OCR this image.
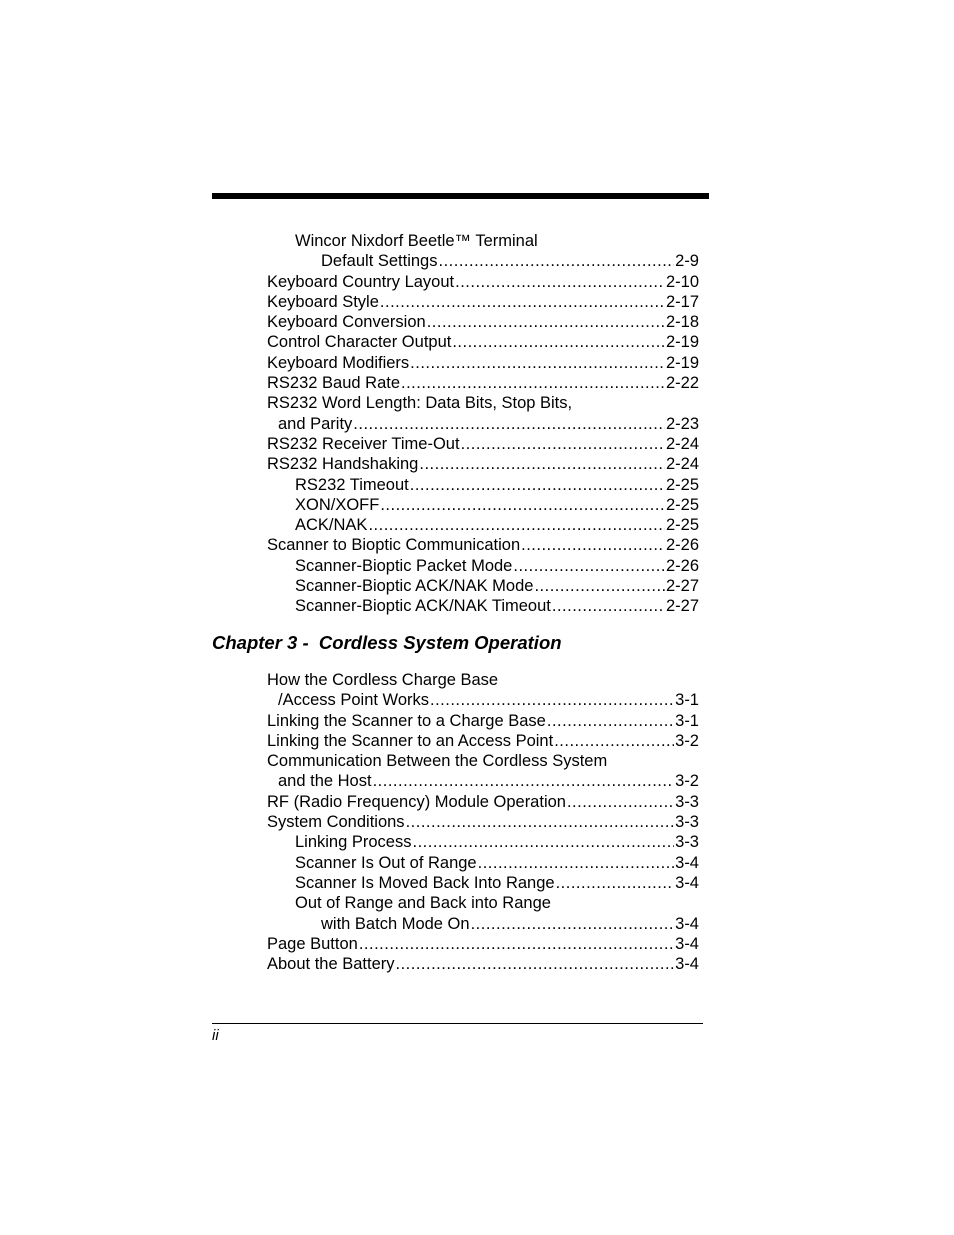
Wincor Nixdorf Beetle™ Terminal
Default Settings .....	2-9
Keyboard Country Layout .....	2-10
Keyboard Style .....	2-17
Keyboard Conversion .....	2-18
Control Character Output .....	2-19
Keyboard Modifiers .....	2-19
RS232 Baud Rate .....	2-22
RS232 Word Length: Data Bits, Stop Bits,
and Parity .....	2-23
RS232 Receiver Time-Out .....	2-24
RS232 Handshaking .....	2-24
RS232 Timeout .....	2-25
XON/XOFF .....	2-25
ACK/NAK .....	2-25
Scanner to Bioptic Communication .....	2-26
Scanner-Bioptic Packet Mode .....	2-26
Scanner-Bioptic ACK/NAK Mode .....	2-27
Scanner-Bioptic ACK/NAK Timeout .....	2-27
Chapter 3 -  Cordless System Operation
How the Cordless Charge Base
/Access Point Works .....	3-1
Linking the Scanner to a Charge Base .....	3-1
Linking the Scanner to an Access Point .....	3-2
Communication Between the Cordless System
and the Host .....	3-2
RF (Radio Frequency) Module Operation .....	3-3
System Conditions .....	3-3
Linking Process .....	3-3
Scanner Is Out of Range .....	3-4
Scanner Is Moved Back Into Range .....	3-4
Out of Range and Back into Range
with Batch Mode On .....	3-4
Page Button .....	3-4
About the Battery .....	3-4
ii
